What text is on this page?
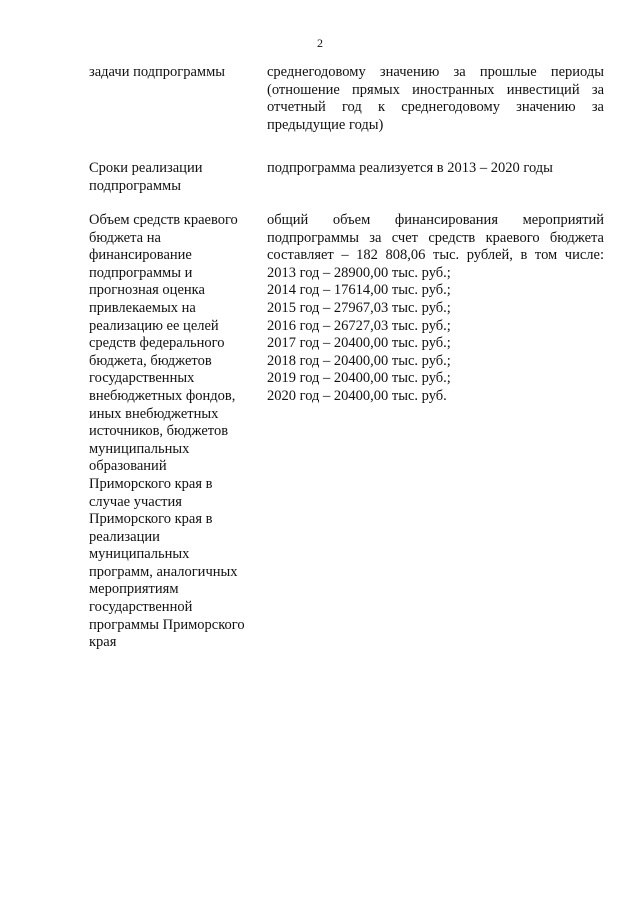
2
задачи подпрограммы	среднегодовому значению за прошлые периоды
(отношение прямых иностранных инвестиций за
отчетный год к среднегодовому значению за
предыдущие годы)
Сроки реализации
подпрограммы
подпрограмма реализуется в 2013 – 2020 годы
Объем средств краевого
бюджета на
финансирование
подпрограммы и
прогнозная оценка
привлекаемых на
реализацию ее целей
средств федерального
бюджета, бюджетов
государственных
внебюджетных фондов,
иных внебюджетных
источников, бюджетов
муниципальных
образований
Приморского края в
случае участия
Приморского края в
реализации
муниципальных
программ, аналогичных
мероприятиям
государственной
программы Приморского
края
общий объем финансирования мероприятий
подпрограммы за счет средств краевого бюджета
составляет – 182 808,06 тыс. рублей, в том числе:
2013 год – 28900,00 тыс. руб.;
2014 год – 17614,00 тыс. руб.;
2015 год – 27967,03 тыс. руб.;
2016 год – 26727,03 тыс. руб.;
2017 год – 20400,00 тыс. руб.;
2018 год – 20400,00 тыс. руб.;
2019 год – 20400,00 тыс. руб.;
2020 год – 20400,00 тыс. руб.
